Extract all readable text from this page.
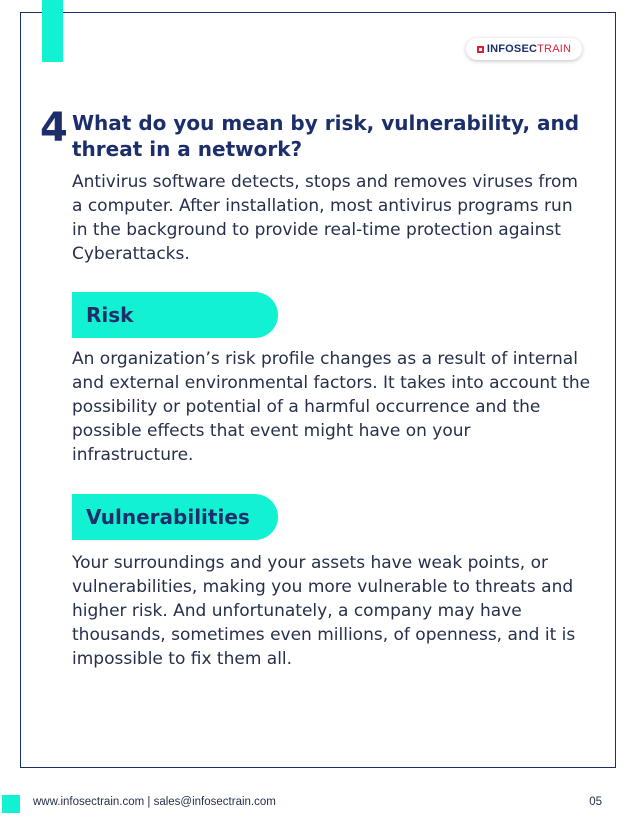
INFOSEC TRAIN
4 What do you mean by risk, vulnerability, and threat in a network?

Antivirus software detects, stops and removes viruses from a computer. After installation, most antivirus programs run in the background to provide real-time protection against Cyberattacks.

Risk

An organization’s risk profile changes as a result of internal and external environmental factors. It takes into account the possibility or potential of a harmful occurrence and the possible effects that event might have on your infrastructure.

Vulnerabilities

Your surroundings and your assets have weak points, or vulnerabilities, making you more vulnerable to threats and higher risk. And unfortunately, a company may have thousands, sometimes even millions, of openness, and it is impossible to fix them all.

www.infosectrain.com | sales@infosectrain.com	05
